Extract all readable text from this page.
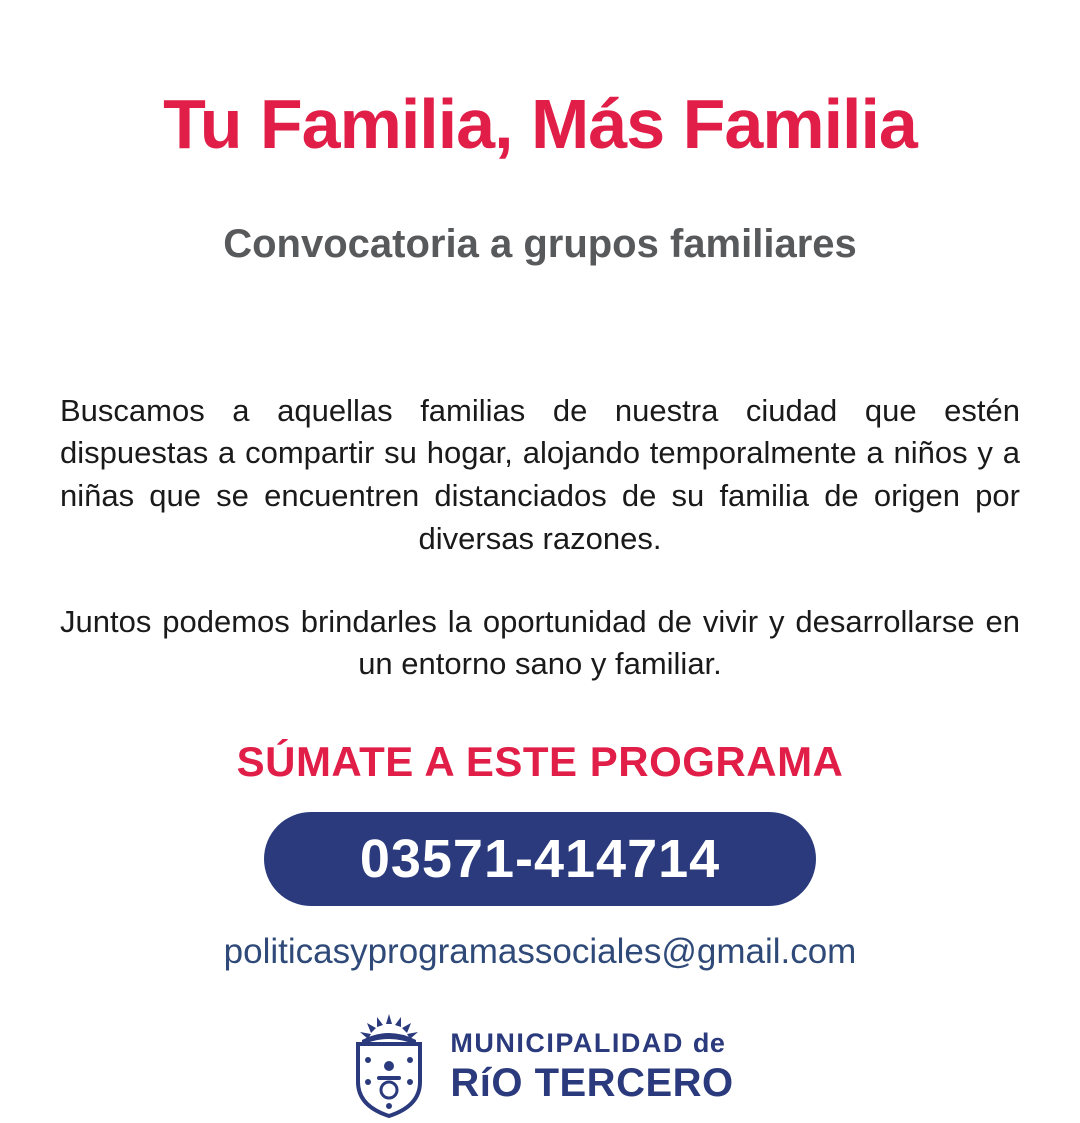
Tu Familia, Más Familia
Convocatoria a grupos familiares

Buscamos a aquellas familias de nuestra ciudad que estén dispuestas a compartir su hogar, alojando temporalmente a niños y a niñas que se encuentren distanciados de su familia de origen por diversas razones.

Juntos podemos brindarles la oportunidad de vivir y desarrollarse en un entorno sano y familiar.

SÚMATE A ESTE PROGRAMA
03571-414714
politicasyprogramassociales@gmail.com
MUNICIPALIDAD de
RíO TERCERO
